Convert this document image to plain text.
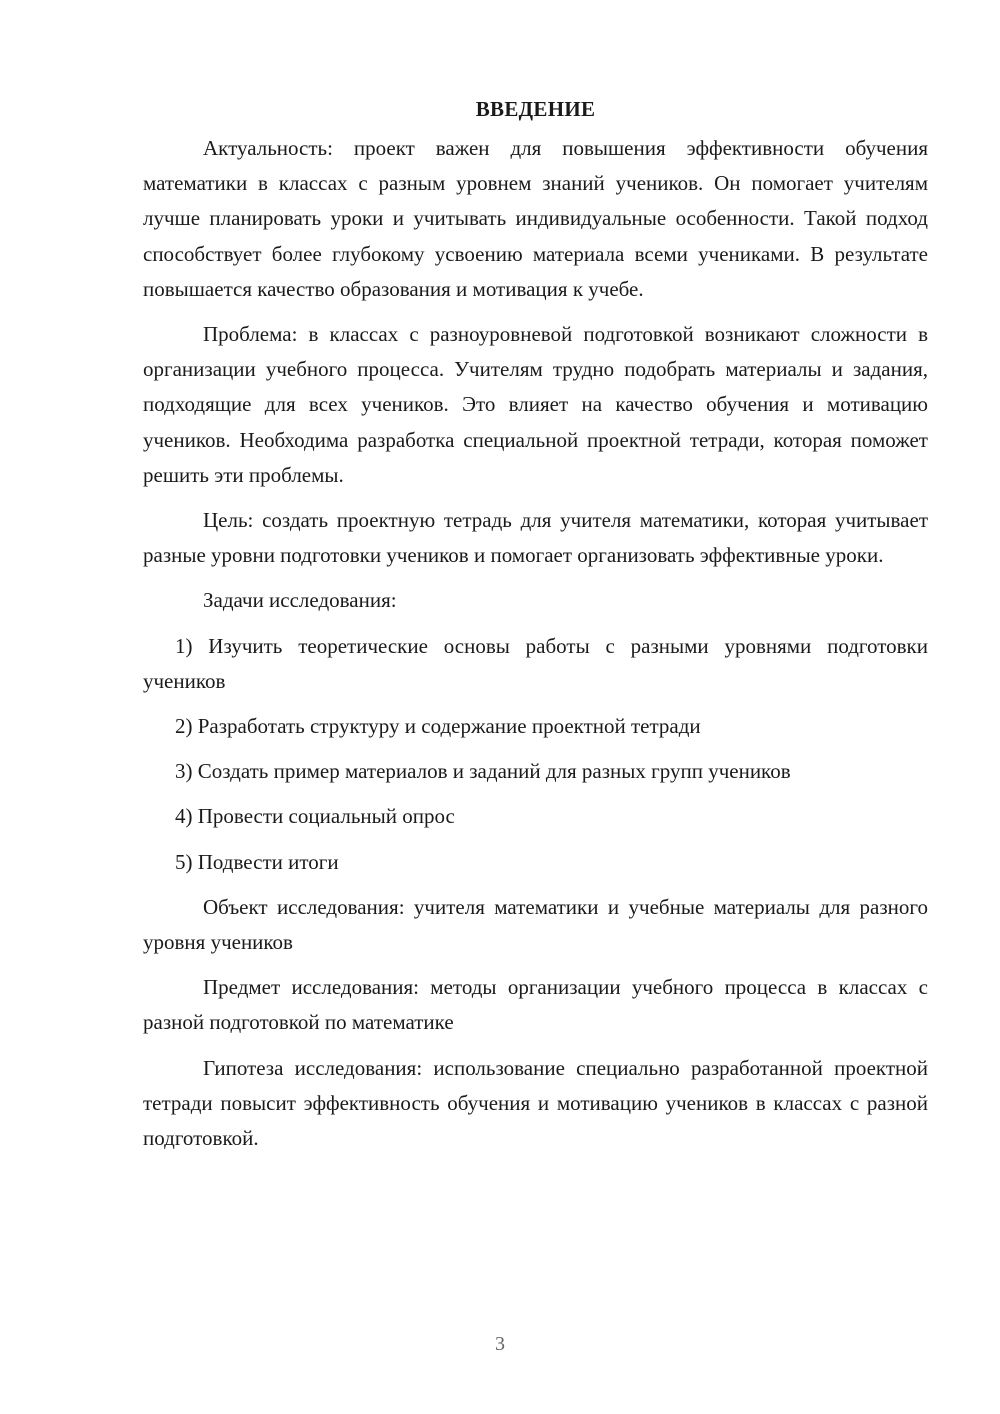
ВВЕДЕНИЕ

Актуальность: проект важен для повышения эффективности обучения математики в классах с разным уровнем знаний учеников. Он помогает учителям лучше планировать уроки и учитывать индивидуальные особенности. Такой подход способствует более глубокому усвоению материала всеми учениками. В результате повышается качество образования и мотивация к учебе.

Проблема: в классах с разноуровневой подготовкой возникают сложности в организации учебного процесса. Учителям трудно подобрать материалы и задания, подходящие для всех учеников. Это влияет на качество обучения и мотивацию учеников. Необходима разработка специальной проектной тетради, которая поможет решить эти проблемы.

Цель: создать проектную тетрадь для учителя математики, которая учитывает разные уровни подготовки учеников и помогает организовать эффективные уроки.

Задачи исследования:

1) Изучить теоретические основы работы с разными уровнями подготовки учеников

2) Разработать структуру и содержание проектной тетради

3) Создать пример материалов и заданий для разных групп учеников

4) Провести социальный опрос

5) Подвести итоги

Объект исследования: учителя математики и учебные материалы для разного уровня учеников

Предмет исследования: методы организации учебного процесса в классах с разной подготовкой по математике

Гипотеза исследования: использование специально разработанной проектной тетради повысит эффективность обучения и мотивацию учеников в классах с разной подготовкой.

3
